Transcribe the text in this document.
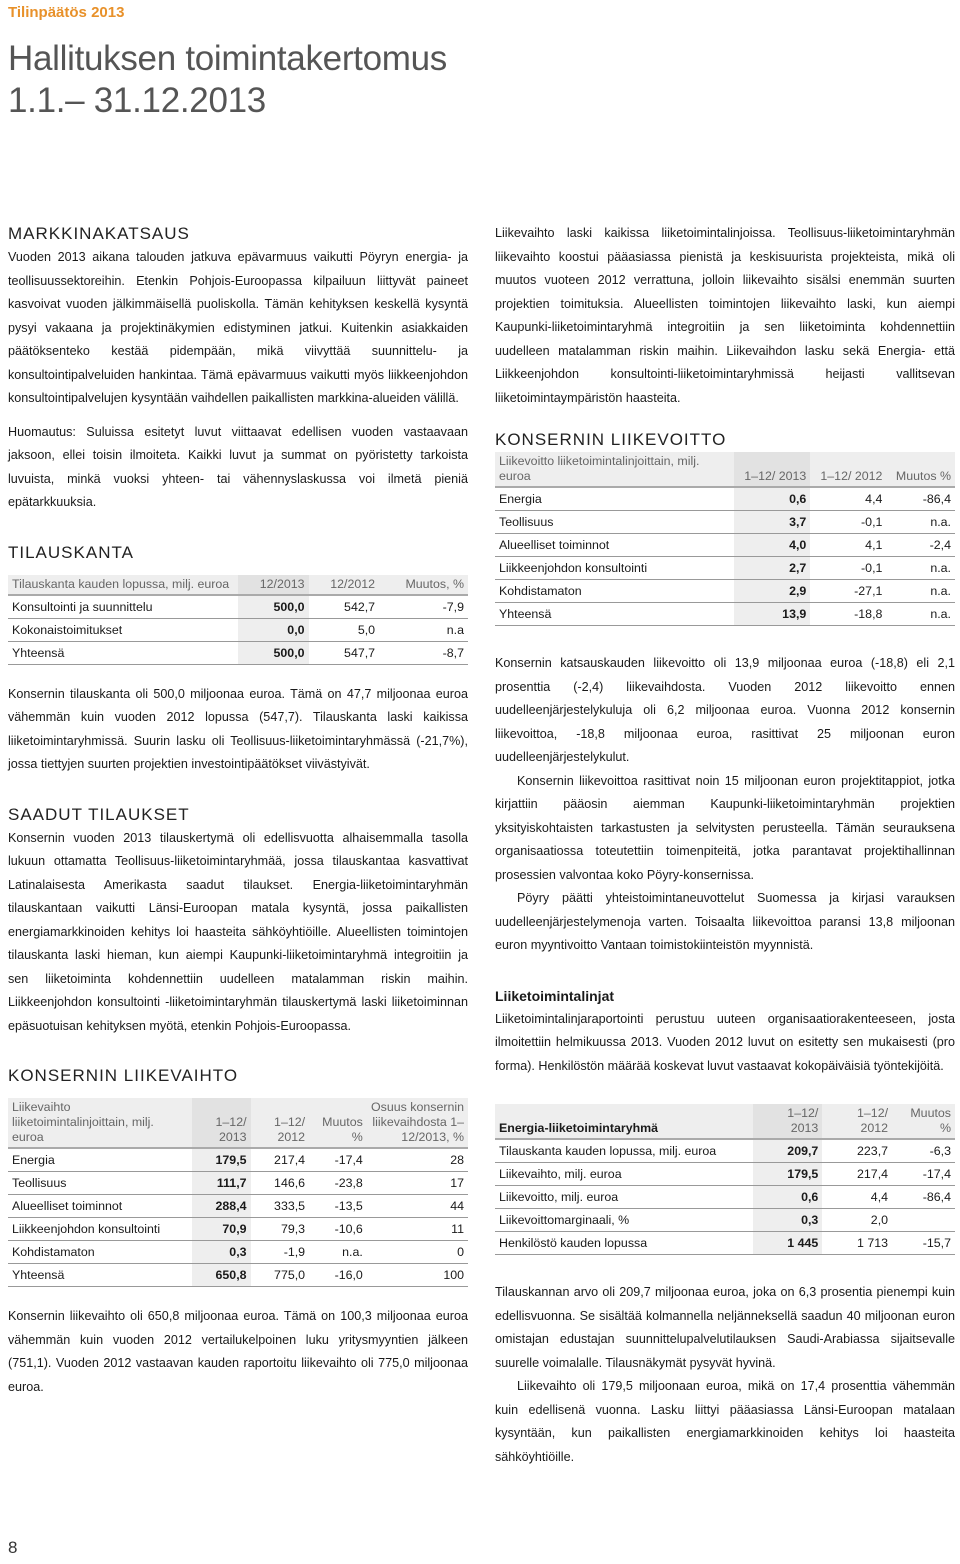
Tilinpäätös 2013
Hallituksen toimintakertomus
1.1.– 31.12.2013
MARKKINAKATSAUS

Vuoden 2013 aikana talouden jatkuva epävarmuus vaikutti Pöyryn energia- ja teollisuussektoreihin. Etenkin Pohjois-Euroopassa kilpailuun liittyvät paineet kasvoivat vuoden jälkimmäisellä puoliskolla. Tämän kehityksen keskellä kysyntä pysyi vakaana ja projektinäkymien edistyminen jatkui. Kuitenkin asiakkaiden päätöksenteko kestää pidempään, mikä viivyttää suunnittelu- ja konsultointipalveluiden hankintaa. Tämä epävarmuus vaikutti myös liikkeenjohdon konsultointipalvelujen kysyntään vaihdellen paikallisten markkina-alueiden välillä.

Huomautus: Suluissa esitetyt luvut viittaavat edellisen vuoden vastaavaan jaksoon, ellei toisin ilmoiteta. Kaikki luvut ja summat on pyöristetty tarkoista luvuista, minkä vuoksi yhteen- tai vähennyslaskussa voi ilmetä pieniä epätarkkuuksia.

TILAUSKANTA
Tilauskanta kauden lopussa, milj. euroa	12/2013	12/2012	Muutos, %
Konsultointi ja suunnittelu	500,0	542,7	-7,9
Kokonaistoimitukset	0,0	5,0	n.a
Yhteensä	500,0	547,7	-8,7

Konsernin tilauskanta oli 500,0 miljoonaa euroa. Tämä on 47,7 miljoonaa euroa vähemmän kuin vuoden 2012 lopussa (547,7). Tilauskanta laski kaikissa liiketoimintaryhmissä. Suurin lasku oli Teollisuus-liiketoimintaryhmässä (-21,7%), jossa tiettyjen suurten projektien investointipäätökset viivästyivät.

SAADUT TILAUKSET

Konsernin vuoden 2013 tilauskertymä oli edellisvuotta alhaisemmalla tasolla lukuun ottamatta Teollisuus-liiketoimintaryhmää, jossa tilauskantaa kasvattivat Latinalaisesta Amerikasta saadut tilaukset. Energia-liiketoimintaryhmän tilauskantaan vaikutti Länsi-Euroopan matala kysyntä, jossa paikallisten energiamarkkinoiden kehitys loi haasteita sähköyhtiöille. Alueellisten toimintojen tilauskanta laski hieman, kun aiempi Kaupunki-liiketoimintaryhmä integroitiin ja sen liiketoiminta kohdennettiin uudelleen matalamman riskin maihin. Liikkeenjohdon konsultointi -liiketoimintaryhmän tilauskertymä laski liiketoiminnan epäsuotuisan kehityksen myötä, etenkin Pohjois-Euroopassa.

KONSERNIN LIIKEVAIHTO
Liikevaihto liiketoimintalinjoittain, milj. euroa	1–12/ 2013	1–12/ 2012	Muutos %	Osuus konsernin liikevaihdosta 1–12/2013, %
Energia	179,5	217,4	-17,4	28
Teollisuus	111,7	146,6	-23,8	17
Alueelliset toiminnot	288,4	333,5	-13,5	44
Liikkeenjohdon konsultointi	70,9	79,3	-10,6	11
Kohdistamaton	0,3	-1,9	n.a.	0
Yhteensä	650,8	775,0	-16,0	100

Konsernin liikevaihto oli 650,8 miljoonaa euroa. Tämä on 100,3 miljoonaa euroa vähemmän kuin vuoden 2012 vertailukelpoinen luku yritysmyyntien jälkeen (751,1). Vuoden 2012 vastaavan kauden raportoitu liikevaihto oli 775,0 miljoonaa euroa.

Liikevaihto laski kaikissa liiketoimintalinjoissa. Teollisuus-liiketoimintaryhmän liikevaihto koostui pääasiassa pienistä ja keskisuurista projekteista, mikä oli muutos vuoteen 2012 verrattuna, jolloin liikevaihto sisälsi enemmän suurten projektien toimituksia. Alueellisten toimintojen liikevaihto laski, kun aiempi Kaupunki-liiketoimintaryhmä integroitiin ja sen liiketoiminta kohdennettiin uudelleen matalamman riskin maihin. Liikevaihdon lasku sekä Energia- että Liikkeenjohdon konsultointi-liiketoimintaryhmissä heijasti vallitsevan liiketoimintaympäristön haasteita.

KONSERNIN LIIKEVOITTO
Liikevoitto liiketoimintalinjoittain, milj. euroa	1–12/ 2013	1–12/ 2012	Muutos %
Energia	0,6	4,4	-86,4
Teollisuus	3,7	-0,1	n.a.
Alueelliset toiminnot	4,0	4,1	-2,4
Liikkeenjohdon konsultointi	2,7	-0,1	n.a.
Kohdistamaton	2,9	-27,1	n.a.
Yhteensä	13,9	-18,8	n.a.

Konsernin katsauskauden liikevoitto oli 13,9 miljoonaa euroa (-18,8) eli 2,1 prosenttia (-2,4) liikevaihdosta. Vuoden 2012 liikevoitto ennen uudelleenjärjestelykuluja oli 6,2 miljoonaa euroa. Vuonna 2012 konsernin liikevoittoa, -18,8 miljoonaa euroa, rasittivat 25 miljoonan euron uudelleenjärjestelykulut.

Konsernin liikevoittoa rasittivat noin 15 miljoonan euron projektitappiot, jotka kirjattiin pääosin aiemman Kaupunki-liiketoimintaryhmän projektien yksityiskohtaisten tarkastusten ja selvitysten perusteella. Tämän seurauksena organisaatiossa toteutettiin toimenpiteitä, jotka parantavat projektihallinnan prosessien valvontaa koko Pöyry-konsernissa.

Pöyry päätti yhteistoimintaneuvottelut Suomessa ja kirjasi varauksen uudelleenjärjestelymenoja varten. Toisaalta liikevoittoa paransi 13,8 miljoonan euron myyntivoitto Vantaan toimistokiinteistön myynnistä.

Liiketoimintalinjat

Liiketoimintalinjaraportointi perustuu uuteen organisaatiorakenteeseen, josta ilmoitettiin helmikuussa 2013. Vuoden 2012 luvut on esitetty sen mukaisesti (pro forma). Henkilöstön määrää koskevat luvut vastaavat kokopäiväisiä työntekijöitä.

Energia-liiketoimintaryhmä	1–12/ 2013	1–12/ 2012	Muutos %
Tilauskanta kauden lopussa, milj. euroa	209,7	223,7	-6,3
Liikevaihto, milj. euroa	179,5	217,4	-17,4
Liikevoitto, milj. euroa	0,6	4,4	-86,4
Liikevoittomarginaali, %	0,3	2,0	
Henkilöstö kauden lopussa	1 445	1 713	-15,7

Tilauskannan arvo oli 209,7 miljoonaa euroa, joka on 6,3 prosentia pienempi kuin edellisvuonna. Se sisältää kolmannella neljänneksellä saadun 40 miljoonan euron omistajan edustajan suunnittelupalvelutilauksen Saudi-Arabiassa sijaitsevalle suurelle voimalalle. Tilausnäkymät pysyvät hyvinä.

Liikevaihto oli 179,5 miljoonaan euroa, mikä on 17,4 prosenttia vähemmän kuin edellisenä vuonna. Lasku liittyi pääasiassa Länsi-Euroopan matalaan kysyntään, kun paikallisten energiamarkkinoiden kehitys loi haasteita sähköyhtiöille.

8
